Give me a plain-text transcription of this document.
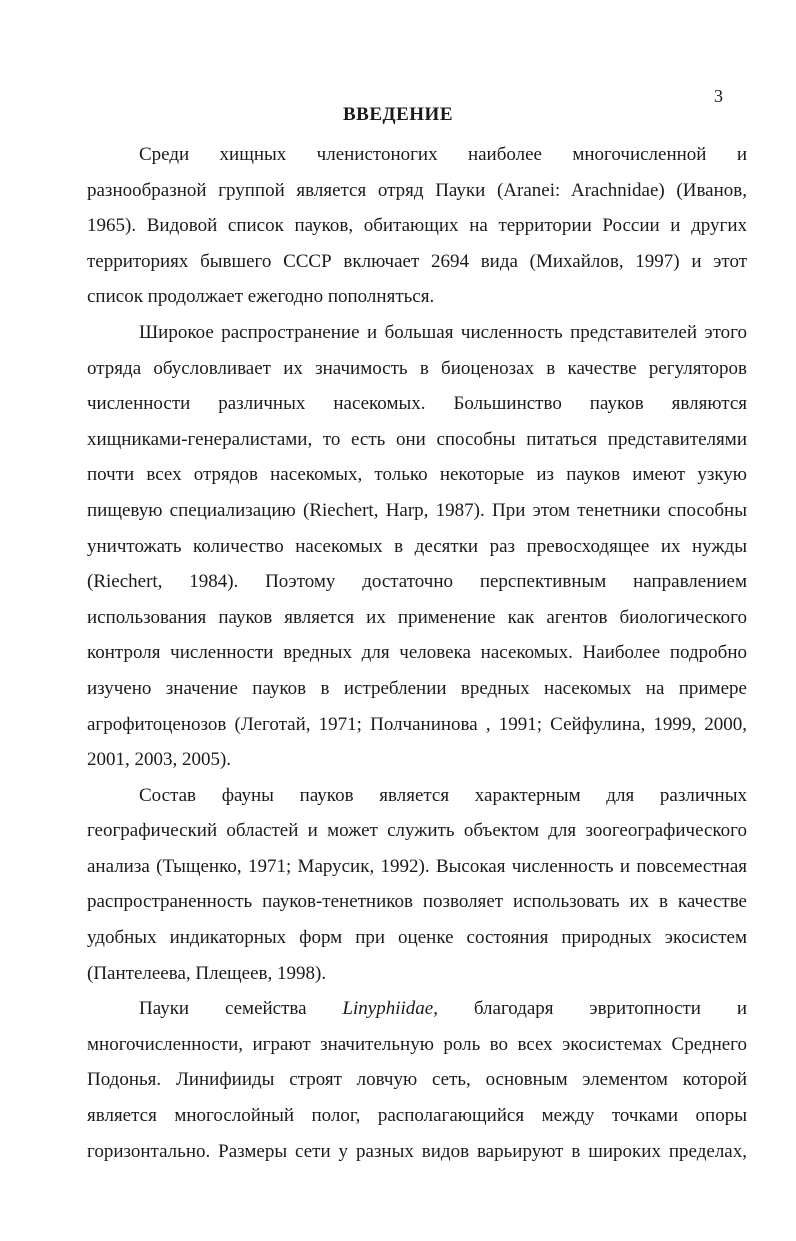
3
ВВЕДЕНИЕ
Среди хищных членистоногих наиболее многочисленной и
разнообразной группой является отряд Пауки (Aranei: Arachnidae) (Иванов,
1965). Видовой список пауков, обитающих на территории России и других
территориях бывшего СССР включает 2694 вида (Михайлов, 1997) и этот
список продолжает ежегодно пополняться.
Широкое распространение и большая численность представителей этого
отряда обусловливает их значимость в биоценозах в качестве регуляторов
численности различных насекомых. Большинство пауков являются
хищниками-генералистами, то есть они способны питаться представителями
почти всех отрядов насекомых, только некоторые из пауков имеют узкую
пищевую специализацию (Riechert, Harp, 1987). При этом тенетники способны
уничтожать количество насекомых в десятки раз превосходящее их нужды
(Riechert, 1984). Поэтому достаточно перспективным направлением
использования пауков является их применение как агентов биологического
контроля численности вредных для человека насекомых. Наиболее подробно
изучено значение пауков в истреблении вредных насекомых на примере
агрофитоценозов (Леготай, 1971; Полчанинова , 1991; Сейфулина, 1999, 2000,
2001, 2003, 2005).
Состав фауны пауков является характерным для различных
географический областей и может служить объектом для зоогеографического
анализа (Тыщенко, 1971; Марусик, 1992). Высокая численность и повсеместная
распространенность пауков-тенетников позволяет использовать их в качестве
удобных индикаторных форм при оценке состояния природных экосистем
(Пантелеева, Плещеев, 1998).
Пауки семейства Linyphiidae, благодаря эвритопности и
многочисленности, играют значительную роль во всех экосистемах Среднего
Подонья. Линифииды строят ловчую сеть, основным элементом которой
является многослойный полог, располагающийся между точками опоры
горизонтально. Размеры сети у разных видов варьируют в широких пределах,
